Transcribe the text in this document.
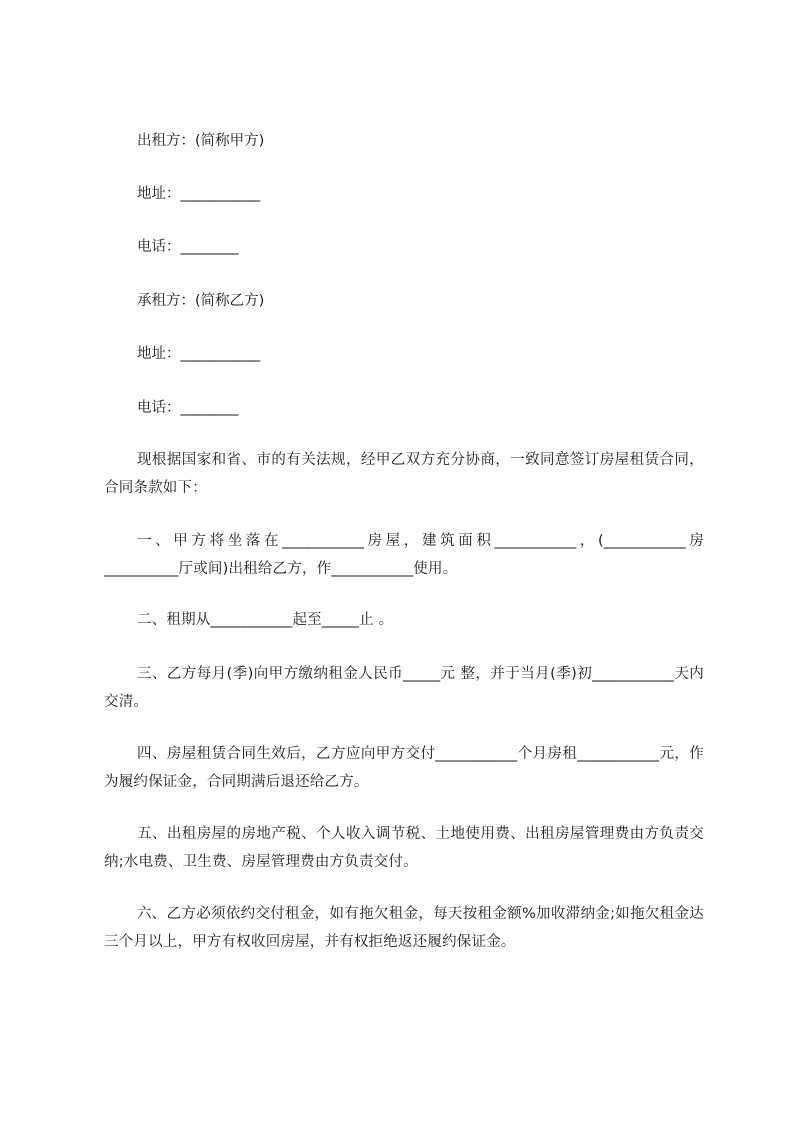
出租方：(简称甲方)

地址：___________

电话：________

承租方：(简称乙方)

地址：___________

电话：________

现根据国家和省、市的有关法规，经甲乙双方充分协商，一致同意签订房屋租赁合同，合同条款如下：

一、甲方将坐落在___________房屋，建筑面积___________，(___________房__________厅或间)出租给乙方，作___________使用。

二、租期从___________起至_____止 。

三、乙方每月(季)向甲方缴纳租金人民币_____元 整，并于当月(季)初___________天内交清。

四、房屋租赁合同生效后，乙方应向甲方交付___________个月房租___________元，作为履约保证金，合同期满后退还给乙方。

五、出租房屋的房地产税、个人收入调节税、土地使用费、出租房屋管理费由方负责交纳;水电费、卫生费、房屋管理费由方负责交付。

六、乙方必须依约交付租金，如有拖欠租金，每天按租金额%加收滞纳金;如拖欠租金达三个月以上，甲方有权收回房屋，并有权拒绝返还履约保证金。
